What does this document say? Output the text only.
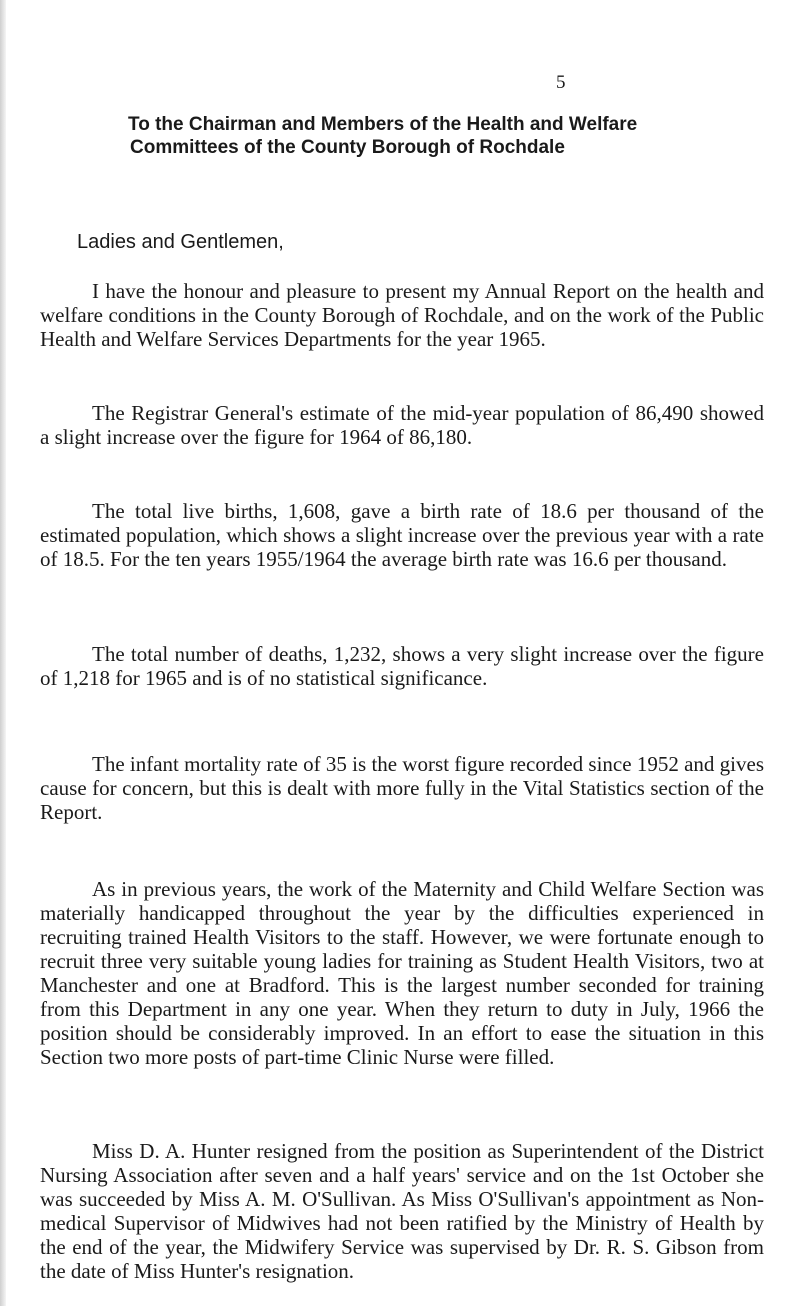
5
To the Chairman and Members of the Health and Welfare
Committees of the County Borough of Rochdale
Ladies and Gentlemen,

I have the honour and pleasure to present my Annual Report on the health and welfare conditions in the County Borough of Rochdale, and on the work of the Public Health and Welfare Services Departments for the year 1965.

The Registrar General's estimate of the mid-year population of 86,490 showed a slight increase over the figure for 1964 of 86,180.

The total live births, 1,608, gave a birth rate of 18.6 per thousand of the estimated population, which shows a slight increase over the previous year with a rate of 18.5. For the ten years 1955/1964 the average birth rate was 16.6 per thousand.

The total number of deaths, 1,232, shows a very slight increase over the figure of 1,218 for 1965 and is of no statistical significance.

The infant mortality rate of 35 is the worst figure recorded since 1952 and gives cause for concern, but this is dealt with more fully in the Vital Statistics section of the Report.

As in previous years, the work of the Maternity and Child Welfare Section was materially handicapped throughout the year by the difficulties experienced in recruiting trained Health Visitors to the staff. However, we were fortunate enough to recruit three very suitable young ladies for training as Student Health Visitors, two at Manchester and one at Bradford. This is the largest number seconded for training from this Department in any one year. When they return to duty in July, 1966 the position should be considerably improved. In an effort to ease the situation in this Section two more posts of part-time Clinic Nurse were filled.

Miss D. A. Hunter resigned from the position as Superintendent of the District Nursing Association after seven and a half years' service and on the 1st October she was succeeded by Miss A. M. O'Sullivan. As Miss O'Sullivan's appointment as Non-medical Supervisor of Midwives had not been ratified by the Ministry of Health by the end of the year, the Midwifery Service was supervised by Dr. R. S. Gibson from the date of Miss Hunter's resignation.
